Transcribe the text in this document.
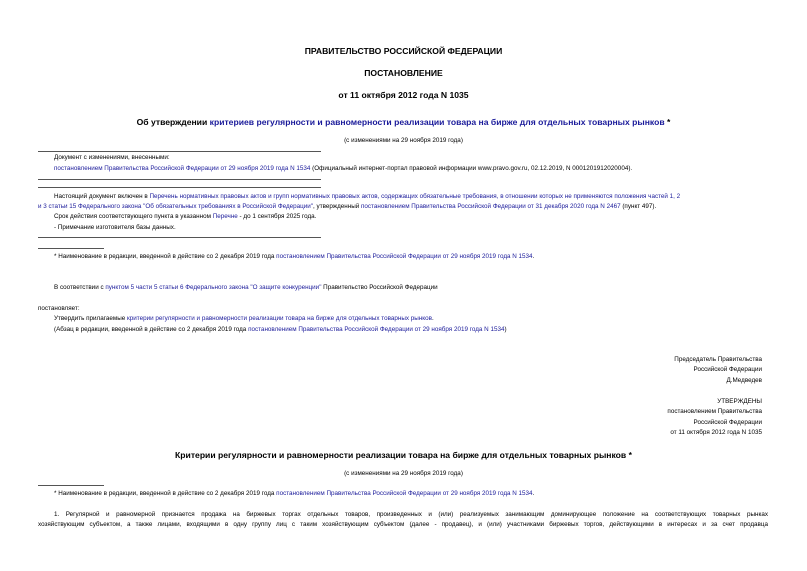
ПРАВИТЕЛЬСТВО РОССИЙСКОЙ ФЕДЕРАЦИИ
ПОСТАНОВЛЕНИЕ
от 11 октября 2012 года N 1035
Об утверждении критериев регулярности и равномерности реализации товара на бирже для отдельных товарных рынков *
(с изменениями на 29 ноября 2019 года)
Документ с изменениями, внесенными:
постановлением Правительства Российской Федерации от 29 ноября 2019 года N 1534 (Официальный интернет-портал правовой информации www.pravo.gov.ru, 02.12.2019, N 0001201912020004).
Настоящий документ включен в Перечень нормативных правовых актов и групп нормативных правовых актов, содержащих обязательные требования, в отношении которых не применяются положения частей 1, 2
и 3 статьи 15 Федерального закона "Об обязательных требованиях в Российской Федерации", утвержденный постановлением Правительства Российской Федерации от 31 декабря 2020 года N 2467 (пункт 497).
Срок действия соответствующего пункта в указанном Перечне - до 1 сентября 2025 года.
- Примечание изготовителя базы данных.
* Наименование в редакции, введенной в действие со 2 декабря 2019 года постановлением Правительства Российской Федерации от 29 ноября 2019 года N 1534.
В соответствии с пунктом 5 части 5 статьи 6 Федерального закона "О защите конкуренции" Правительство Российской Федерации
постановляет:
Утвердить прилагаемые критерии регулярности и равномерности реализации товара на бирже для отдельных товарных рынков.
(Абзац в редакции, введенной в действие со 2 декабря 2019 года постановлением Правительства Российской Федерации от 29 ноября 2019 года N 1534)
Председатель Правительства
Российской Федерации
Д.Медведев
УТВЕРЖДЕНЫ
постановлением Правительства
Российской Федерации
от 11 октября 2012 года N 1035
Критерии регулярности и равномерности реализации товара на бирже для отдельных товарных рынков *
(с изменениями на 29 ноября 2019 года)
* Наименование в редакции, введенной в действие со 2 декабря 2019 года постановлением Правительства Российской Федерации от 29 ноября 2019 года N 1534.
1. Регулярной и равномерной признается продажа на биржевых торгах отдельных товаров, произведенных и (или) реализуемых занимающим доминирующее положение на соответствующих товарных рынках
хозяйствующим субъектом, а также лицами, входящими в одну группу лиц с таким хозяйствующим субъектом (далее - продавец), и (или) участниками биржевых торгов, действующими в интересах и за счет продавца
